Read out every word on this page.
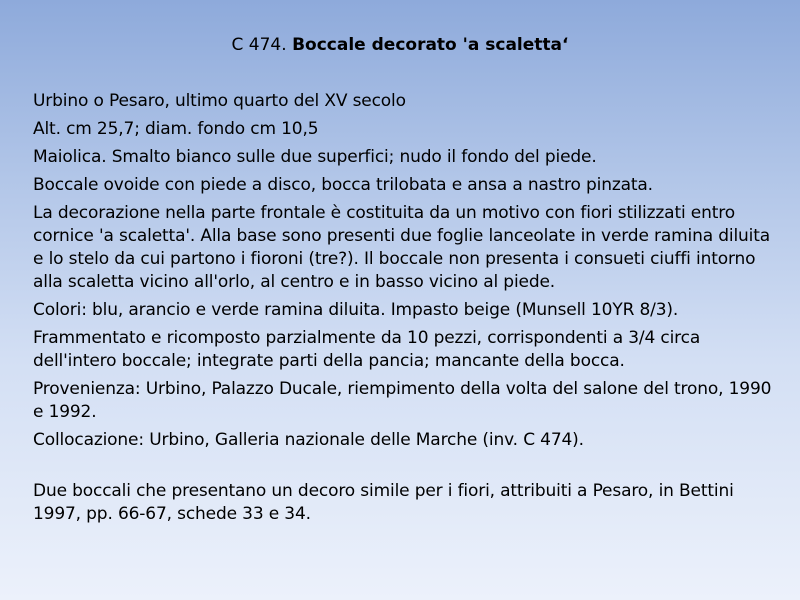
C 474. Boccale decorato 'a scaletta‘

Urbino o Pesaro, ultimo quarto del XV secolo

Alt. cm 25,7; diam. fondo cm 10,5

Maiolica. Smalto bianco sulle due superfici; nudo il fondo del piede.

Boccale ovoide con piede a disco, bocca trilobata e ansa a nastro pinzata.

La decorazione nella parte frontale è costituita da un motivo con fiori stilizzati entro cornice 'a scaletta'. Alla base sono presenti due foglie lanceolate in verde ramina diluita e lo stelo da cui partono i fioroni (tre?). Il boccale non presenta i consueti ciuffi intorno alla scaletta vicino all'orlo, al centro e in basso vicino al piede.

Colori: blu, arancio e verde ramina diluita. Impasto beige (Munsell 10YR 8/3).

Frammentato e ricomposto parzialmente da 10 pezzi, corrispondenti a 3/4 circa dell'intero boccale; integrate parti della pancia; mancante della bocca.

Provenienza: Urbino, Palazzo Ducale, riempimento della volta del salone del trono, 1990 e 1992.

Collocazione: Urbino, Galleria nazionale delle Marche (inv. C 474).

Due boccali che presentano un decoro simile per i fiori, attribuiti a Pesaro, in Bettini 1997, pp. 66-67, schede 33 e 34.
